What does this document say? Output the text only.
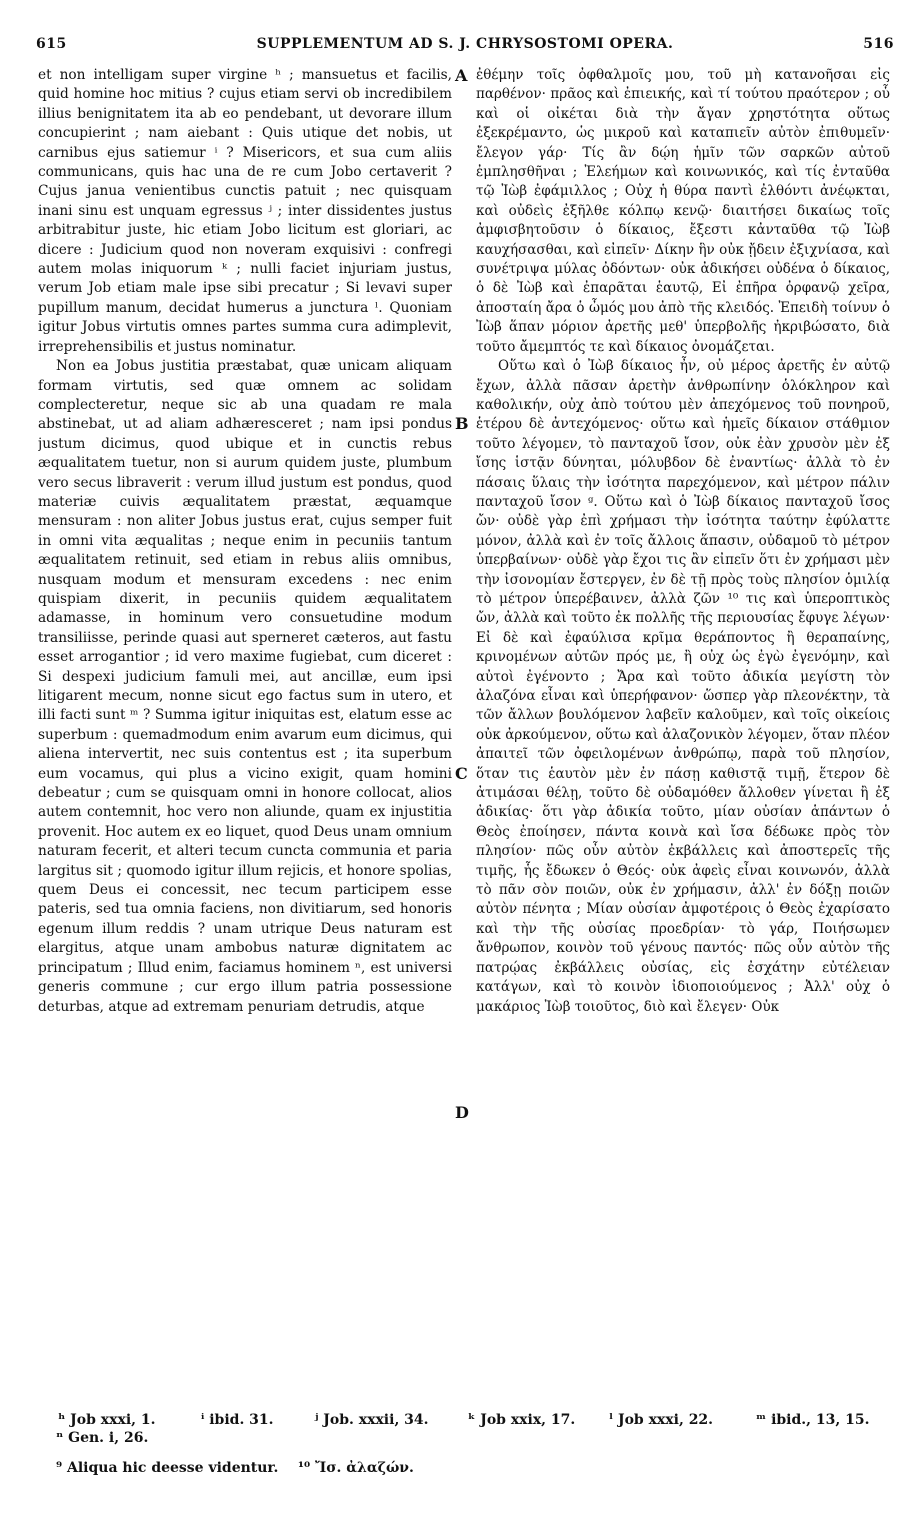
615	SUPPLEMENTUM AD S. J. CHRYSOSTOMI OPERA.	516

et non intelligam super virgine ʰ ; mansuetus et facilis, quid homine hoc mitius ? cujus etiam servi ob incredibilem illius benignitatem ita ab eo pendebant, ut devorare illum concupierint ; nam aiebant : Quis utique det nobis, ut carnibus ejus satiemur ⁱ ? Misericors, et sua cum aliis communicans, quis hac una de re cum Jobo certaverit ? Cujus janua venientibus cunctis patuit ; nec quisquam inani sinu est unquam egressus ʲ ; inter dissidentes justus arbitrabitur juste, hic etiam Jobo licitum est gloriari, ac dicere : Judicium quod non noveram exquisivi : confregi autem molas iniquorum ᵏ ; nulli faciet injuriam justus, verum Job etiam male ipse sibi precatur ; Si levavi super pupillum manum, decidat humerus a junctura ˡ. Quoniam igitur Jobus virtutis omnes partes summa cura adimplevit, irreprehensibilis et justus nominatur.

Non ea Jobus justitia præstabat, quæ unicam aliquam formam virtutis, sed quæ omnem ac solidam complecteretur, neque sic ab una quadam re mala abstinebat, ut ad aliam adhæresceret ; nam ipsi pondus justum dicimus, quod ubique et in cunctis rebus æqualitatem tuetur, non si aurum quidem juste, plumbum vero secus libraverit : verum illud justum est pondus, quod materiæ cuivis æqualitatem præstat, æquamque mensuram : non aliter Jobus justus erat, cujus semper fuit in omni vita æqualitas ; neque enim in pecuniis tantum æqualitatem retinuit, sed etiam in rebus aliis omnibus, nusquam modum et mensuram excedens : nec enim quispiam dixerit, in pecuniis quidem æqualitatem adamasse, in hominum vero consuetudine modum transiliisse, perinde quasi aut sperneret cæteros, aut fastu esset arrogantior ; id vero maxime fugiebat, cum diceret : Si despexi judicium famuli mei, aut ancillæ, eum ipsi litigarent mecum, nonne sicut ego factus sum in utero, et illi facti sunt ᵐ ? Summa igitur iniquitas est, elatum esse ac superbum : quemadmodum enim avarum eum dicimus, qui aliena intervertit, nec suis contentus est ; ita superbum eum vocamus, qui plus a vicino exigit, quam homini debeatur ; cum se quisquam omni in honore collocat, alios autem contemnit, hoc vero non aliunde, quam ex injustitia provenit. Hoc autem ex eo liquet, quod Deus unam omnium naturam fecerit, et alteri tecum cuncta communia et paria largitus sit ; quomodo igitur illum rejicis, et honore spolias, quem Deus ei concessit, nec tecum participem esse pateris, sed tua omnia faciens, non divitiarum, sed honoris egenum illum reddis ? unam utrique Deus naturam est elargitus, atque unam ambobus naturæ dignitatem ac principatum ; Illud enim, faciamus hominem ⁿ, est universi generis commune ; cur ergo illum patria possessione deturbas, atque ad extremam penuriam detrudis, atque

A
B
C
D

ἐθέμην τοῖς ὀφθαλμοῖς μου, τοῦ μὴ κατανοῆσαι εἰς παρθένον· πρᾶος καὶ ἐπιεικής, καὶ τί τούτου πραότερον ; οὗ καὶ οἱ οἰκέται διὰ τὴν ἄγαν χρηστότητα οὕτως ἐξεκρέμαντο, ὡς μικροῦ καὶ καταπιεῖν αὐτὸν ἐπιθυμεῖν· ἔλεγον γάρ· Τίς ἂν δῴη ἡμῖν τῶν σαρκῶν αὐτοῦ ἐμπλησθῆναι ; Ἐλεήμων καὶ κοινωνικός, καὶ τίς ἐνταῦθα τῷ Ἰὼβ ἐφάμιλλος ; Οὐχ ἡ θύρα παντὶ ἐλθόντι ἀνέῳκται, καὶ οὐδεὶς ἐξῆλθε κόλπῳ κενῷ· διαιτήσει δικαίως τοῖς ἀμφισβητοῦσιν ὁ δίκαιος, ἔξεστι κἀνταῦθα τῷ Ἰὼβ καυχήσασθαι, καὶ εἰπεῖν· Δίκην ἣν οὐκ ᾔδειν ἐξιχνίασα, καὶ συνέτριψα μύλας ὀδόντων· οὐκ ἀδικήσει οὐδένα ὁ δίκαιος, ὁ δὲ Ἰὼβ καὶ ἐπαρᾶται ἑαυτῷ, Εἰ ἐπῆρα ὀρφανῷ χεῖρα, ἀποσταίη ἄρα ὁ ὦμός μου ἀπὸ τῆς κλειδός. Ἐπειδὴ τοίνυν ὁ Ἰὼβ ἅπαν μόριον ἀρετῆς μεθ' ὑπερβολῆς ἠκριβώσατο, διὰ τοῦτο ἄμεμπτός τε καὶ δίκαιος ὀνομάζεται.

Οὕτω καὶ ὁ Ἰὼβ δίκαιος ἦν, οὐ μέρος ἀρετῆς ἐν αὐτῷ ἔχων, ἀλλὰ πᾶσαν ἀρετὴν ἀνθρωπίνην ὁλόκληρον καὶ καθολικήν, οὐχ ἀπὸ τούτου μὲν ἀπεχόμενος τοῦ πονηροῦ, ἑτέρου δὲ ἀντεχόμενος· οὕτω καὶ ἡμεῖς δίκαιον στάθμιον τοῦτο λέγομεν, τὸ πανταχοῦ ἴσον, οὐκ ἐὰν χρυσὸν μὲν ἐξ ἴσης ἱστᾷν δύνηται, μόλυβδον δὲ ἐναντίως· ἀλλὰ τὸ ἐν πάσαις ὕλαις τὴν ἰσότητα παρεχόμενον, καὶ μέτρον πάλιν πανταχοῦ ἴσον ᵍ. Οὕτω καὶ ὁ Ἰὼβ δίκαιος πανταχοῦ ἴσος ὤν· οὐδὲ γὰρ ἐπὶ χρήμασι τὴν ἰσότητα ταύτην ἐφύλαττε μόνον, ἀλλὰ καὶ ἐν τοῖς ἄλλοις ἅπασιν, οὐδαμοῦ τὸ μέτρον ὑπερβαίνων· οὐδὲ γὰρ ἔχοι τις ἂν εἰπεῖν ὅτι ἐν χρήμασι μὲν τὴν ἰσονομίαν ἔστεργεν, ἐν δὲ τῇ πρὸς τοὺς πλησίον ὁμιλίᾳ τὸ μέτρον ὑπερέβαινεν, ἀλλὰ ζῶν ¹⁰ τις καὶ ὑπεροπτικὸς ὤν, ἀλλὰ καὶ τοῦτο ἐκ πολλῆς τῆς περιουσίας ἔφυγε λέγων· Εἰ δὲ καὶ ἐφαύλισα κρῖμα θεράποντος ἢ θεραπαίνης, κρινομένων αὐτῶν πρός με, ἢ οὐχ ὡς ἐγὼ ἐγενόμην, καὶ αὐτοὶ ἐγένοντο ; Ἄρα καὶ τοῦτο ἀδικία μεγίστη τὸν ἀλαζόνα εἶναι καὶ ὑπερήφανον· ὥσπερ γὰρ πλεονέκτην, τὰ τῶν ἄλλων βουλόμενον λαβεῖν καλοῦμεν, καὶ τοῖς οἰκείοις οὐκ ἀρκούμενον, οὕτω καὶ ἀλαζονικὸν λέγομεν, ὅταν πλέον ἀπαιτεῖ τῶν ὀφειλομένων ἀνθρώπῳ, παρὰ τοῦ πλησίον, ὅταν τις ἑαυτὸν μὲν ἐν πάσῃ καθιστᾷ τιμῇ, ἕτερον δὲ ἀτιμάσαι θέλῃ, τοῦτο δὲ οὐδαμόθεν ἄλλοθεν γίνεται ἢ ἐξ ἀδικίας· ὅτι γὰρ ἀδικία τοῦτο, μίαν οὐσίαν ἁπάντων ὁ Θεὸς ἐποίησεν, πάντα κοινὰ καὶ ἴσα δέδωκε πρὸς τὸν πλησίον· πῶς οὖν αὐτὸν ἐκβάλλεις καὶ ἀποστερεῖς τῆς τιμῆς, ἧς ἔδωκεν ὁ Θεός· οὐκ ἀφεὶς εἶναι κοινωνόν, ἀλλὰ τὸ πᾶν σὸν ποιῶν, οὐκ ἐν χρήμασιν, ἀλλ' ἐν δόξῃ ποιῶν αὐτὸν πένητα ; Μίαν οὐσίαν ἀμφοτέροις ὁ Θεὸς ἐχαρίσατο καὶ τὴν τῆς οὐσίας προεδρίαν· τὸ γάρ, Ποιήσωμεν ἄνθρωπον, κοινὸν τοῦ γένους παντός· πῶς οὖν αὐτὸν τῆς πατρῴας ἐκβάλλεις οὐσίας, εἰς ἐσχάτην εὐτέλειαν κατάγων, καὶ τὸ κοινὸν ἰδιοποιούμενος ; Ἀλλ' οὐχ ὁ μακάριος Ἰὼβ τοιοῦτος, διὸ καὶ ἔλεγεν· Οὐκ

ʰ Job xxxi, 1.	ⁱ ibid. 31.	ʲ Job. xxxii, 34.	ᵏ Job xxix, 17. ˡ Job xxxi, 22.	ᵐ ibid., 13, 15.
ⁿ Gen. i, 26.
⁹ Aliqua hic deesse videntur.    ¹⁰ Ἴσ. ἀλαζών.
